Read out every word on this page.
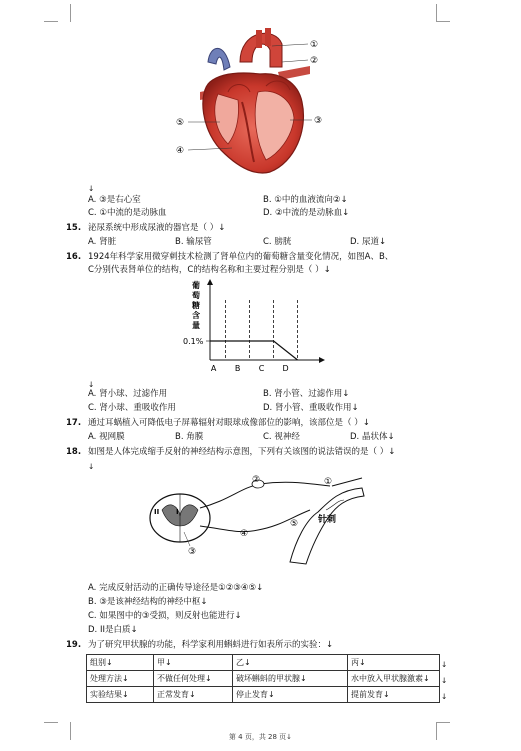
①
②
③
④
⑤
↓
A. ③是右心室	B. ①中的血液流向②↓
C. ①中流的是动脉血	D. ②中流的是动脉血↓
15. 泌尿系统中形成尿液的器官是（ ）↓
A. 肾脏	B. 输尿管	C. 膀胱	D. 尿道↓
16. 1924年科学家用微穿刺技术检测了肾单位内的葡萄糖含量变化情况，如图A、B、
C分别代表肾单位的结构，C的结构名称和主要过程分别是（ ）↓
葡
萄
糖
含
量
0.1%
A B C D
↓
A. 肾小球、过滤作用	B. 肾小管、过滤作用↓
C. 肾小球、重吸收作用	D. 肾小管、重吸收作用↓
17. 通过耳蜗植入可降低电子屏幕辐射对眼球成像部位的影响，该部位是（ ）↓
A. 视网膜	B. 角膜	C. 视神经	D. 晶状体↓
18. 如图是人体完成缩手反射的神经结构示意图，下列有关该图的说法错误的是（ ）↓
↓
II I
针刺
①
②
③
④
⑤
A. 完成反射活动的正确传导途径是①②③④⑤↓
B. ③是该神经结构的神经中枢↓
C. 如果图中的③受损，则反射也能进行↓
D. II是白质↓
19. 为了研究甲状腺的功能，科学家利用蝌蚪进行如表所示的实验：↓
组别↓	甲↓	乙↓	丙↓
处理方法↓	不做任何处理↓	破坏蝌蚪的甲状腺↓	水中放入甲状腺激素↓
实验结果↓	正常发育↓	停止发育↓	提前发育↓
↓
↓
↓
第 4 页，共 28 页↓
